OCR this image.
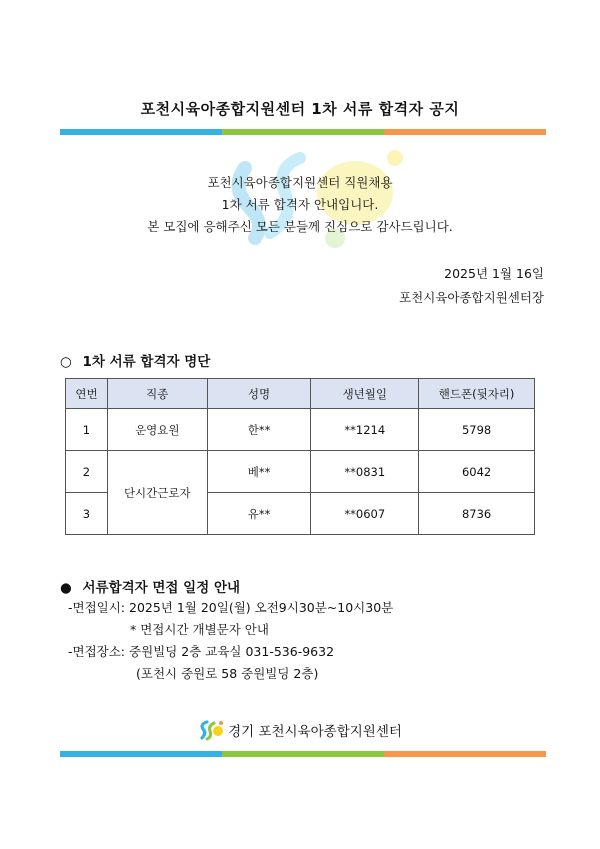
포천시육아종합지원센터 1차 서류 합격자 공지
포천시육아종합지원센터 직원채용
1차 서류 합격자 안내입니다.
본 모집에 응해주신 모든 분들께 진심으로 감사드립니다.
2025년 1월 16일
포천시육아종합지원센터장
○ 1차 서류 합격자 명단
연번	직종	성명	생년월일	핸드폰(뒷자리)
1	운영요원	한**	**1214	5798
2	단시간근로자	베**	**0831	6042
3		유**	**0607	8736
● 서류합격자 면접 일정 안내
-면접일시: 2025년 1월 20일(월) 오전9시30분~10시30분
* 면접시간 개별문자 안내
-면접장소: 중원빌딩 2층 교육실 031-536-9632
(포천시 중원로 58 중원빌딩 2층)
경기 포천시육아종합지원센터
